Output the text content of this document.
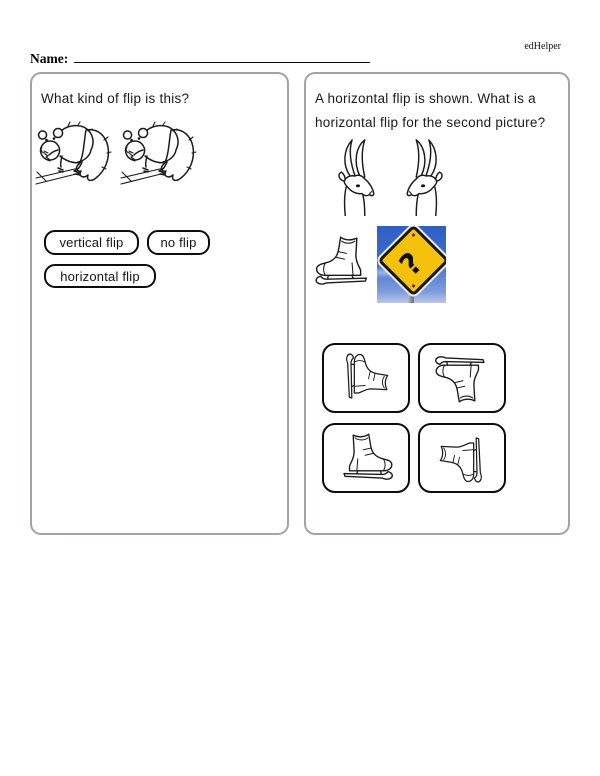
edHelper
Name:
What kind of flip is this?

vertical flip	no flip
horizontal flip
A horizontal flip is shown. What is a
horizontal flip for the second picture?
?
